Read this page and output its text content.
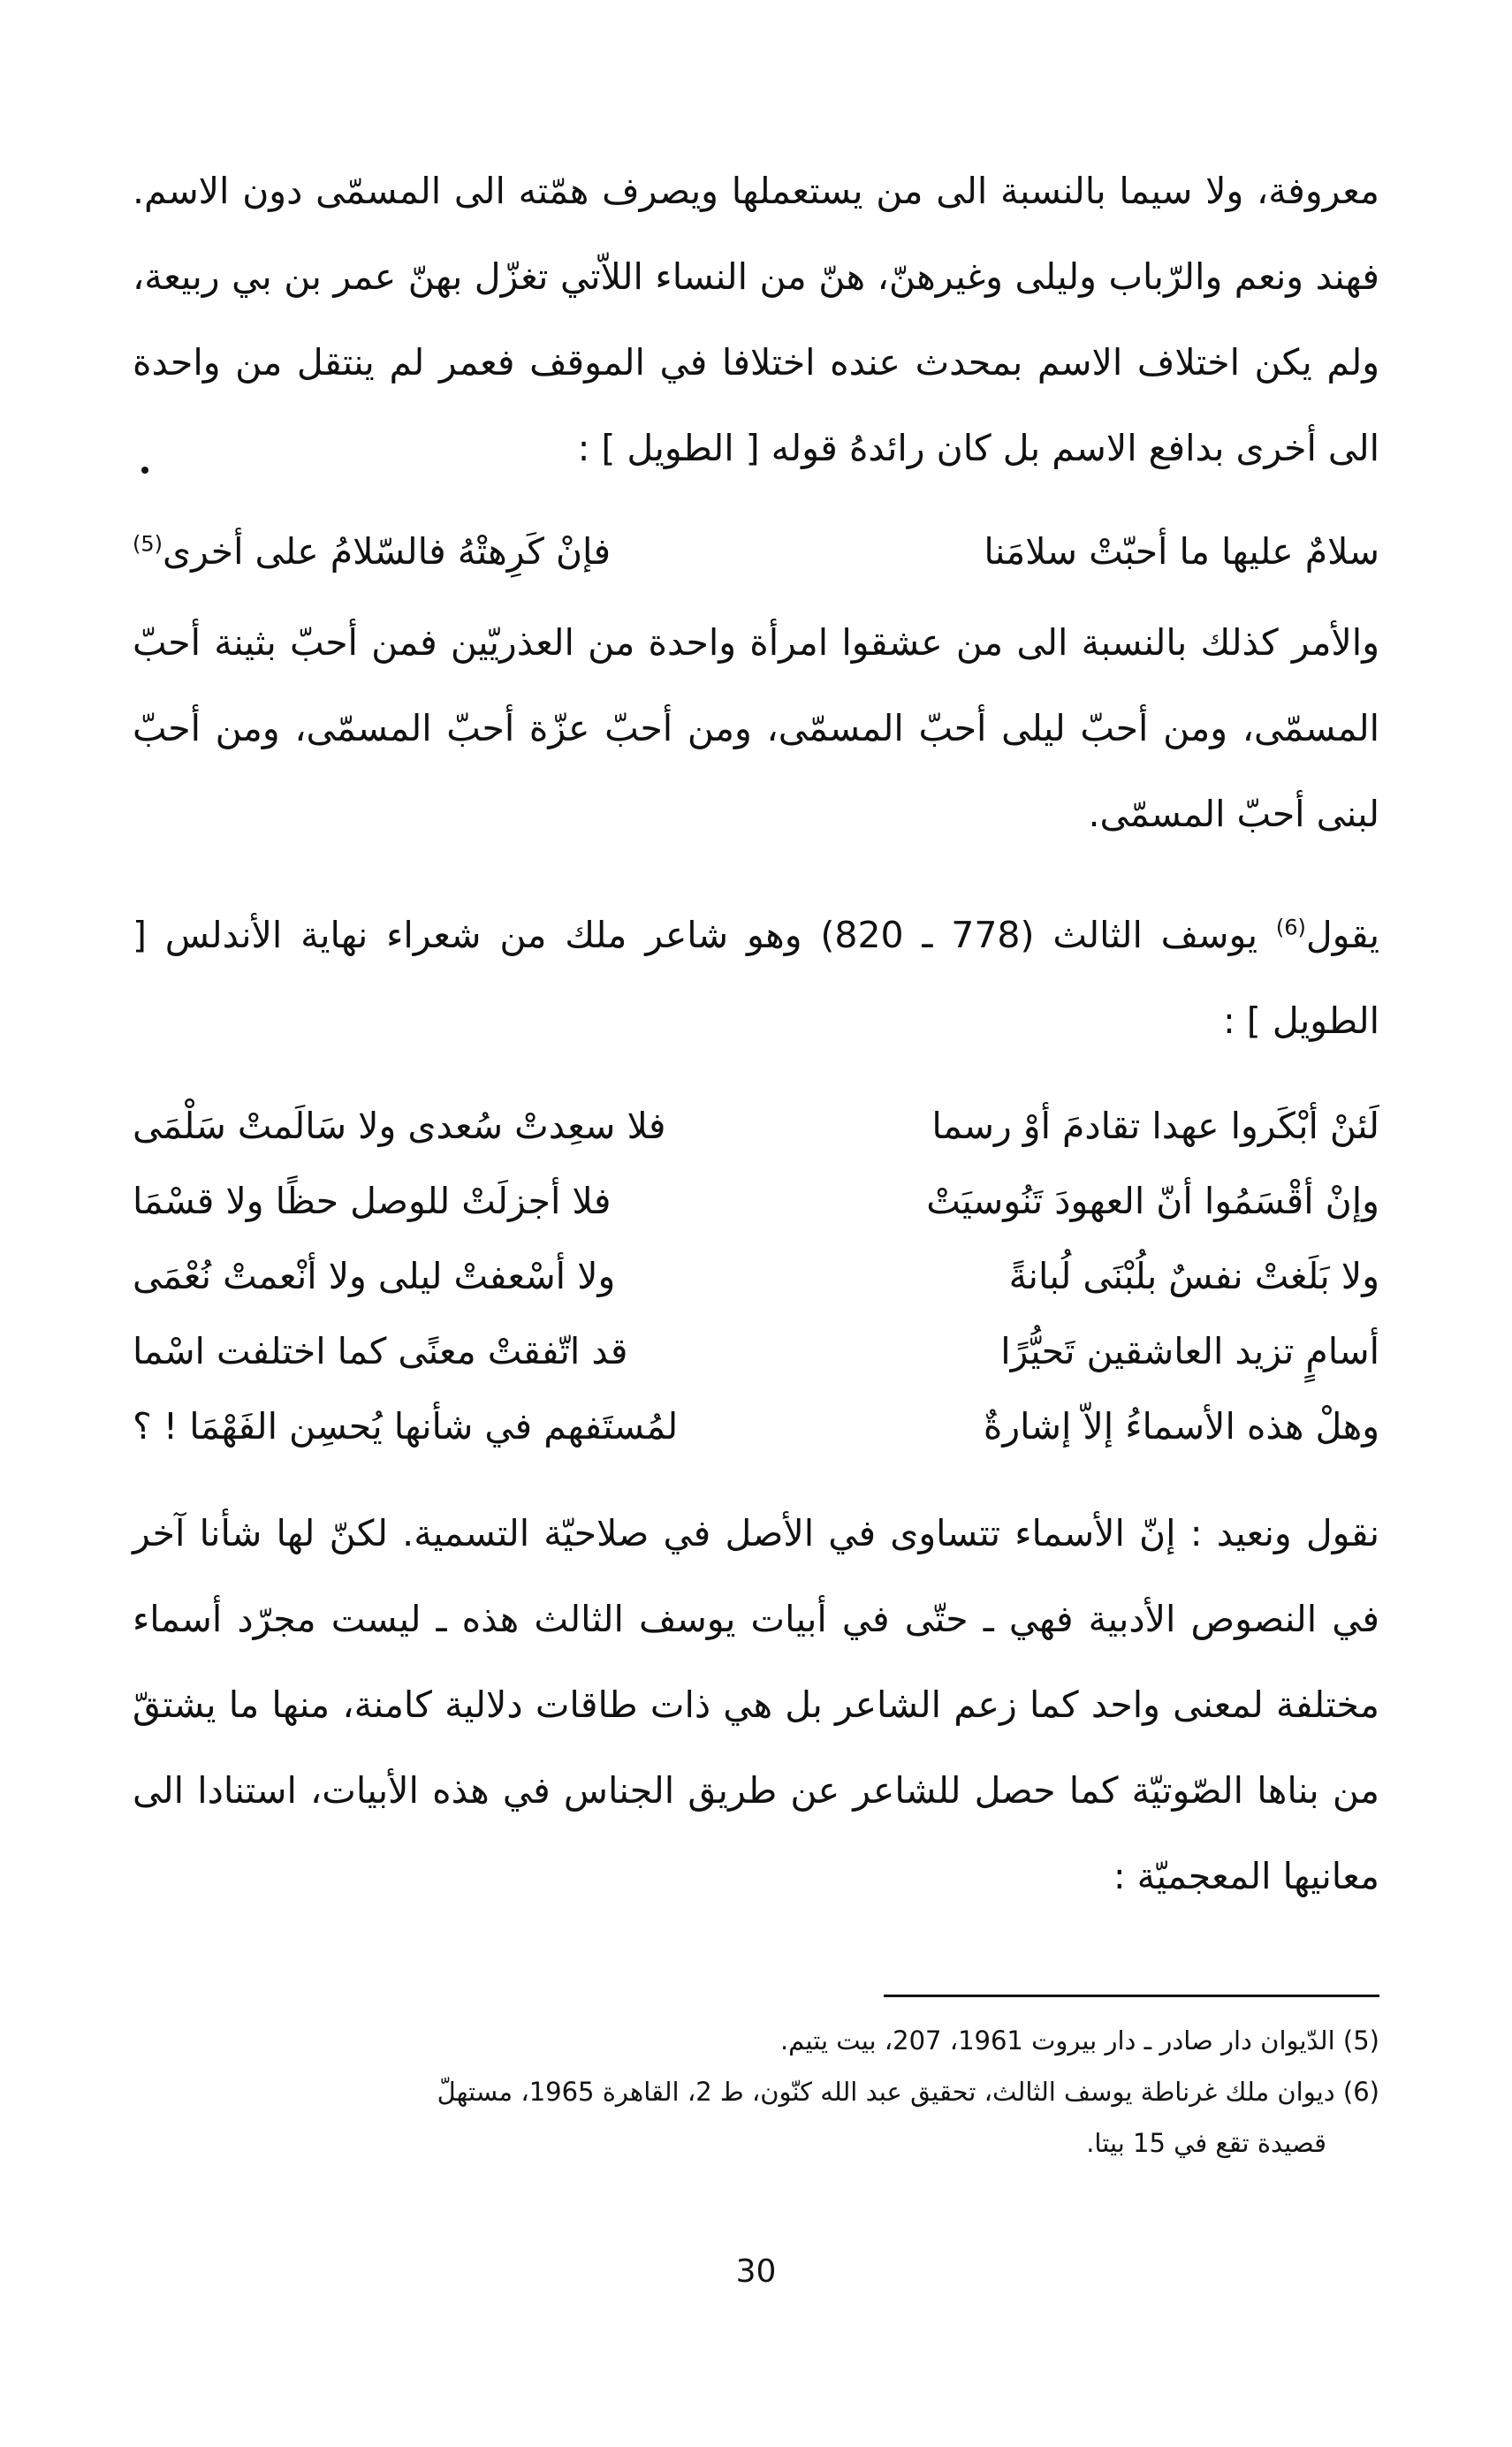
معروفة، ولا سيما بالنسبة الى من يستعملها ويصرف همّته الى المسمّى دون الاسم. فهند ونعم والرّباب وليلى وغيرهنّ، هنّ من النساء اللاّتي تغزّل بهنّ عمر بن بي ربيعة، ولم يكن اختلاف الاسم بمحدث عنده اختلافا في الموقف فعمر لم ينتقل من واحدة الى أخرى بدافع الاسم بل كان رائدهُ قوله [ الطويل ] :

سلامٌ عليها ما أحبّتْ سلامَنا
فإنْ كَرِهتْهُ فالسّلامُ على أخرى$^{(5)}$

والأمر كذلك بالنسبة الى من عشقوا امرأة واحدة من العذريّين فمن أحبّ بثينة أحبّ المسمّى، ومن أحبّ ليلى أحبّ المسمّى، ومن أحبّ عزّة أحبّ المسمّى، ومن أحبّ لبنى أحبّ المسمّى.

يقول$^{(6)}$ يوسف الثالث (778 ـ 820) وهو شاعر ملك من شعراء نهاية الأندلس [ الطويل ] :

لَئنْ أبْكَروا عهدا تقادمَ أوْ رسما
فلا سعِدتْ سُعدى ولا سَالَمتْ سَلْمَى
وإنْ أقْسَمُوا أنّ العهودَ تَنُوسيَتْ
فلا أجزلَتْ للوصل حظًا ولا قسْمَا
ولا بَلَغتْ نفسٌ بلُبْنَى لُبانةً
ولا أسْعفتْ ليلى ولا أنْعمتْ نُعْمَى
أسامٍ تزيد العاشقين تَحيُّرًا
قد اتّفقتْ معنًى كما اختلفت اسْما
وهلْ هذه الأسماءُ إلاّ إشارةٌ
لمُستَفهم في شأنها يُحسِن الفَهْمَا ! ؟

نقول ونعيد : إنّ الأسماء تتساوى في الأصل في صلاحيّة التسمية. لكنّ لها شأنا آخر في النصوص الأدبية فهي ـ حتّى في أبيات يوسف الثالث هذه ـ ليست مجرّد أسماء مختلفة لمعنى واحد كما زعم الشاعر بل هي ذات طاقات دلالية كامنة، منها ما يشتقّ من بناها الصّوتيّة كما حصل للشاعر عن طريق الجناس في هذه الأبيات، استنادا الى معانيها المعجميّة :

(5) الدّيوان دار صادر ـ دار بيروت 1961، 207، بيت يتيم.

(6) ديوان ملك غرناطة يوسف الثالث، تحقيق عبد الله كنّون، ط 2، القاهرة 1965، مستهلّ

قصيدة تقع في 15 بيتا.

30
